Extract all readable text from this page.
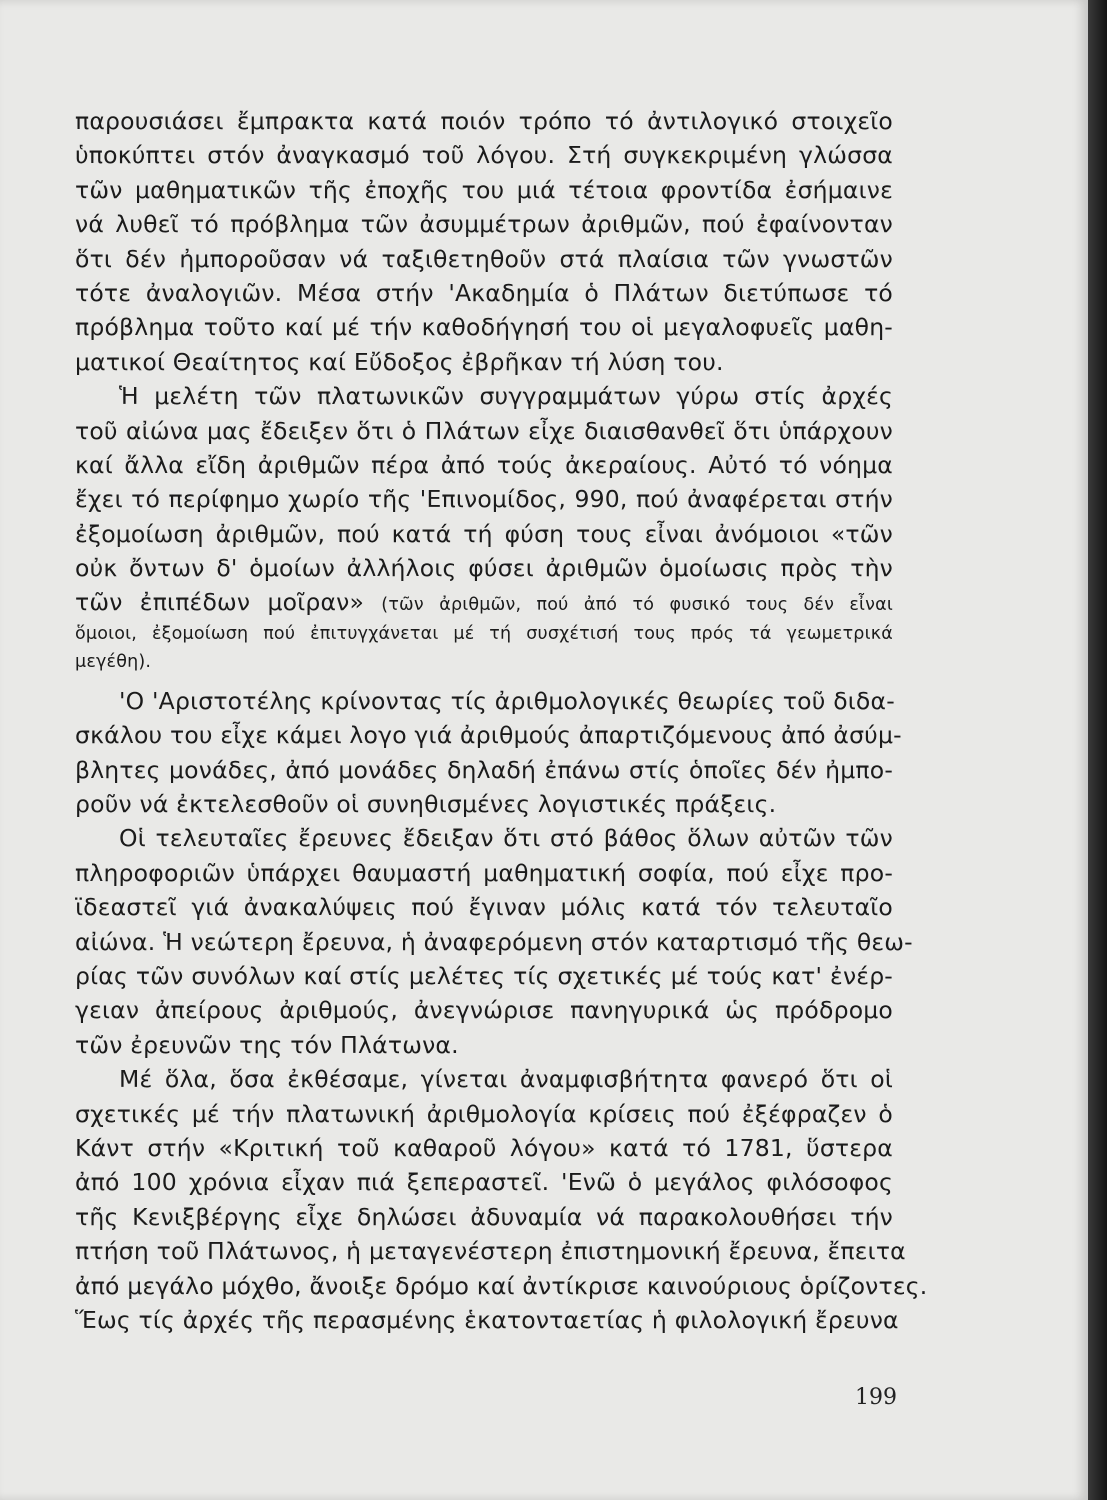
παρουσιάσει ἔμπρακτα κατά ποιόν τρόπο τό ἀντιλογικό στοιχεῖο
ὑποκύπτει στόν ἀναγκασμό τοῦ λόγου. Στή συγκεκριμένη γλώσσα
τῶν μαθηματικῶν τῆς ἐποχῆς του μιά τέτοια φροντίδα ἐσήμαινε
νά λυθεῖ τό πρόβλημα τῶν ἀσυμμέτρων ἀριθμῶν, πού ἐφαίνονταν
ὅτι δέν ἠμποροῦσαν νά ταξιθετηθοῦν στά πλαίσια τῶν γνωστῶν
τότε ἀναλογιῶν. Μέσα στήν 'Ακαδημία ὁ Πλάτων διετύπωσε τό
πρόβλημα τοῦτο καί μέ τήν καθοδήγησή του οἱ μεγαλοφυεῖς μαθη-
ματικοί Θεαίτητος καί Εὔδοξος ἐβρῆκαν τή λύση του.

Ἡ μελέτη τῶν πλατωνικῶν συγγραμμάτων γύρω στίς ἀρχές
τοῦ αἰώνα μας ἔδειξεν ὅτι ὁ Πλάτων εἶχε διαισθανθεῖ ὅτι ὑπάρχουν
καί ἄλλα εἴδη ἀριθμῶν πέρα ἀπό τούς ἀκεραίους. Αὐτό τό νόημα
ἔχει τό περίφημο χωρίο τῆς 'Επινομίδος, 990, πού ἀναφέρεται στήν
ἐξομοίωση ἀριθμῶν, πού κατά τή φύση τους εἶναι ἀνόμοιοι «τῶν
οὐκ ὄντων δ' ὁμοίων ἀλλήλοις φύσει ἀριθμῶν ὁμοίωσις πρὸς τὴν
τῶν ἐπιπέδων μοῖραν» (τῶν ἀριθμῶν, πού ἀπό τό φυσικό τους δέν εἶναι

ὅμοιοι, ἐξομοίωση πού ἐπιτυγχάνεται μέ τή συσχέτισή τους πρός τά γεωμετρικά
μεγέθη).

'Ο 'Αριστοτέλης κρίνοντας τίς ἀριθμολογικές θεωρίες τοῦ διδα-
σκάλου του εἶχε κάμει λογο γιά ἀριθμούς ἀπαρτιζόμενους ἀπό ἀσύμ-
βλητες μονάδες, ἀπό μονάδες δηλαδή ἐπάνω στίς ὁποῖες δέν ἠμπο-
ροῦν νά ἐκτελεσθοῦν οἱ συνηθισμένες λογιστικές πράξεις.

Οἱ τελευταῖες ἔρευνες ἔδειξαν ὅτι στό βάθος ὅλων αὐτῶν τῶν
πληροφοριῶν ὑπάρχει θαυμαστή μαθηματική σοφία, πού εἶχε προ-
ϊδεαστεῖ γιά ἀνακαλύψεις πού ἔγιναν μόλις κατά τόν τελευταῖο
αἰώνα. Ἡ νεώτερη ἔρευνα, ἡ ἀναφερόμενη στόν καταρτισμό τῆς θεω-
ρίας τῶν συνόλων καί στίς μελέτες τίς σχετικές μέ τούς κατ' ἐνέρ-
γειαν ἀπείρους ἀριθμούς, ἀνεγνώρισε πανηγυρικά ὡς πρόδρομο
τῶν ἐρευνῶν της τόν Πλάτωνα.

Μέ ὅλα, ὅσα ἐκθέσαμε, γίνεται ἀναμφισβήτητα φανερό ὅτι οἱ
σχετικές μέ τήν πλατωνική ἀριθμολογία κρίσεις πού ἐξέφραζεν ὁ
Κάντ στήν «Κριτική τοῦ καθαροῦ λόγου» κατά τό 1781, ὕστερα
ἀπό 100 χρόνια εἶχαν πιά ξεπεραστεῖ. 'Ενῶ ὁ μεγάλος φιλόσοφος
τῆς Κενιξβέργης εἶχε δηλώσει ἀδυναμία νά παρακολουθήσει τήν
πτήση τοῦ Πλάτωνος, ἡ μεταγενέστερη ἐπιστημονική ἔρευνα, ἔπειτα
ἀπό μεγάλο μόχθο, ἄνοιξε δρόμο καί ἀντίκρισε καινούριους ὁρίζοντες.
Ἕως τίς ἀρχές τῆς περασμένης ἑκατονταετίας ἡ φιλολογική ἔρευνα

199
